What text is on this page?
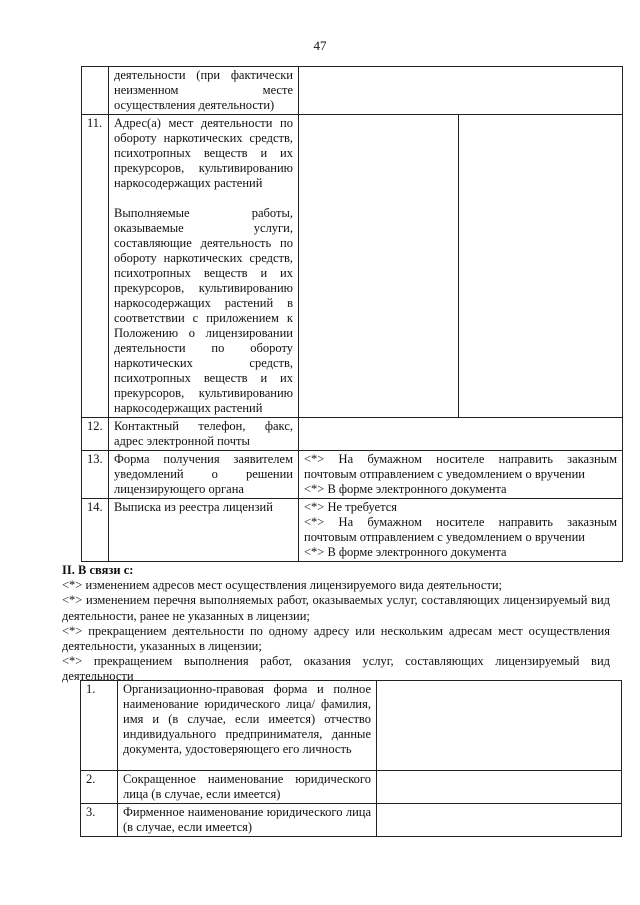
47
	деятельности (при фактически неизменном месте осуществления деятельности)		
11.	Адрес(а) мест деятельности по обороту наркотических средств, психотропных веществ и их прекурсоров, культивированию наркосодержащих растений
Выполняемые работы, оказываемые услуги, составляющие деятельность по обороту наркотических средств, психотропных веществ и их прекурсоров, культивированию наркосодержащих растений в соответствии с приложением к Положению о лицензировании деятельности по обороту наркотических средств, психотропных веществ и их прекурсоров, культивированию наркосодержащих растений		

12.	Контактный телефон, факс, адрес электронной почты		
13.	Форма получения заявителем уведомлений о решении лицензирующего органа	<*> На бумажном носителе направить заказным почтовым отправлением с уведомлением о вручении
<*> В форме электронного документа	

14.	Выписка из реестра лицензий	<*> Не требуется
<*> На бумажном носителе направить заказным почтовым отправлением с уведомлением о вручении
<*> В форме электронного документа	
II. В связи с:
<*> изменением адресов мест осуществления лицензируемого вида деятельности;
<*> изменением перечня выполняемых работ, оказываемых услуг, составляющих лицензируемый вид деятельности, ранее не указанных в лицензии;
<*> прекращением деятельности по одному адресу или нескольким адресам мест осуществления деятельности, указанных в лицензии;
<*> прекращением выполнения работ, оказания услуг, составляющих лицензируемый вид деятельности
1.	Организационно-правовая форма и полное наименование юридического лица/ фамилия, имя и (в случае, если имеется) отчество индивидуального предпринимателя, данные документа, удостоверяющего его личность	
2.	Сокращенное наименование юридического лица (в случае, если имеется)	
3.	Фирменное наименование юридического лица (в случае, если имеется)	
